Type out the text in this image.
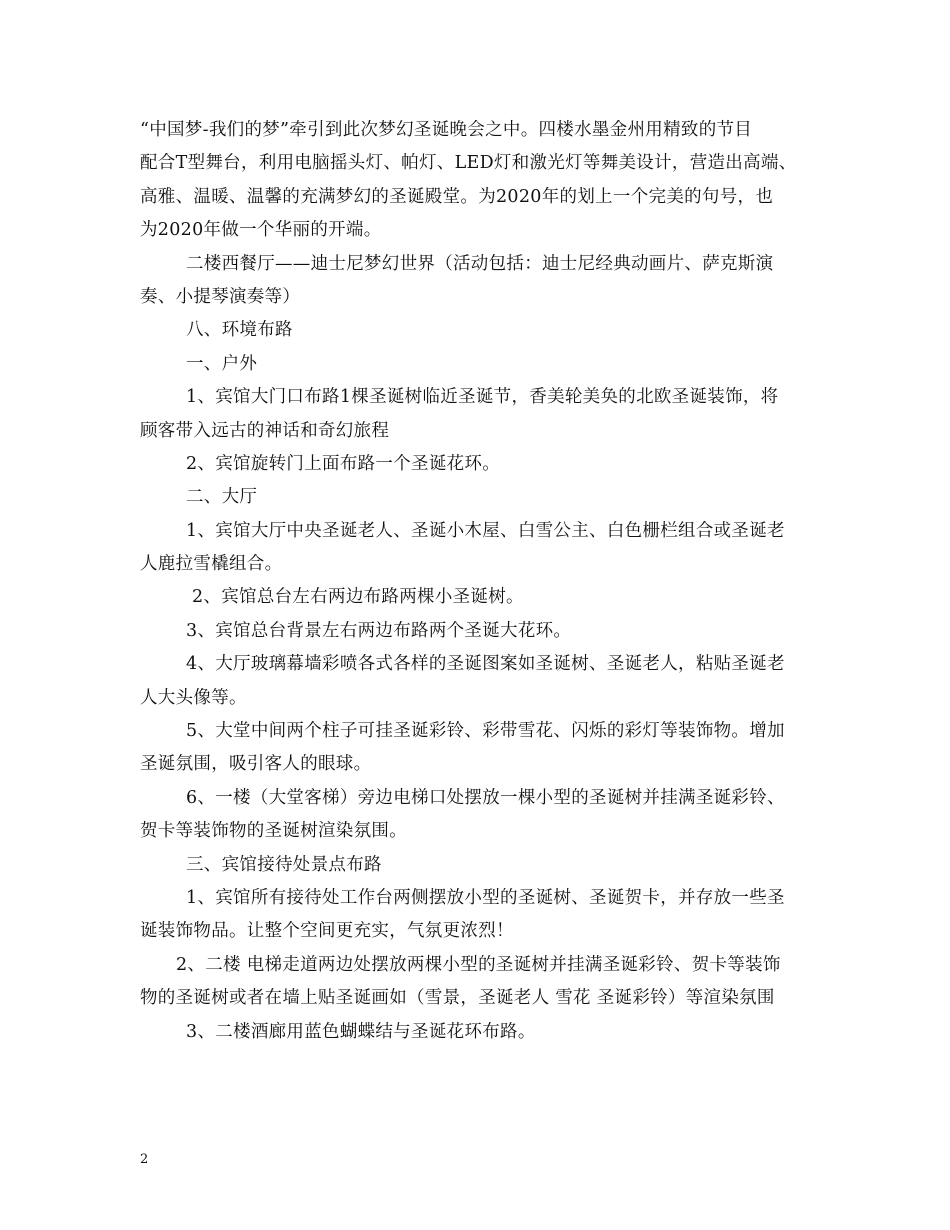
“中国梦-我们的梦”牵引到此次梦幻圣诞晚会之中。四楼水墨金州用精致的节目
配合T型舞台，利用电脑摇头灯、帕灯、LED灯和激光灯等舞美设计，营造出高端、
高雅、温暖、温馨的充满梦幻的圣诞殿堂。为2020年的划上一个完美的句号，也
为2020年做一个华丽的开端。
二楼西餐厅——迪士尼梦幻世界（活动包括：迪士尼经典动画片、萨克斯演
奏、小提琴演奏等）
八、环境布路
一、户外
1、宾馆大门口布路1棵圣诞树临近圣诞节，香美轮美奂的北欧圣诞装饰，将
顾客带入远古的神话和奇幻旅程
2、宾馆旋转门上面布路一个圣诞花环。
二、大厅
1、宾馆大厅中央圣诞老人、圣诞小木屋、白雪公主、白色栅栏组合或圣诞老
人鹿拉雪橇组合。
2、宾馆总台左右两边布路两棵小圣诞树。
3、宾馆总台背景左右两边布路两个圣诞大花环。
4、大厅玻璃幕墙彩喷各式各样的圣诞图案如圣诞树、圣诞老人，粘贴圣诞老
人大头像等。
5、大堂中间两个柱子可挂圣诞彩铃、彩带雪花、闪烁的彩灯等装饰物。增加
圣诞氛围，吸引客人的眼球。
6、一楼（大堂客梯）旁边电梯口处摆放一棵小型的圣诞树并挂满圣诞彩铃、
贺卡等装饰物的圣诞树渲染氛围。
三、宾馆接待处景点布路
1、宾馆所有接待处工作台两侧摆放小型的圣诞树、圣诞贺卡，并存放一些圣
诞装饰物品。让整个空间更充实，气氛更浓烈！
2、二楼 电梯走道两边处摆放两棵小型的圣诞树并挂满圣诞彩铃、贺卡等装饰
物的圣诞树或者在墙上贴圣诞画如（雪景，圣诞老人 雪花 圣诞彩铃）等渲染氛围
3、二楼酒廊用蓝色蝴蝶结与圣诞花环布路。
2
